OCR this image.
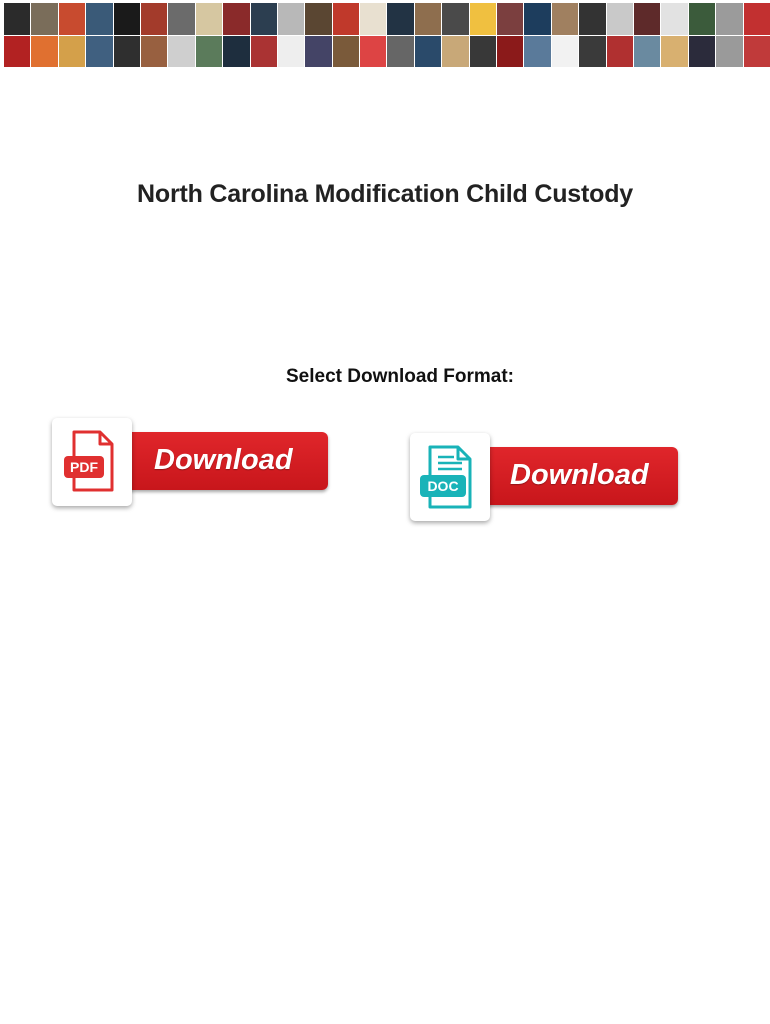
North Carolina Modification Child Custody
Select Download Format:
Download
PDF	Download
DOC
